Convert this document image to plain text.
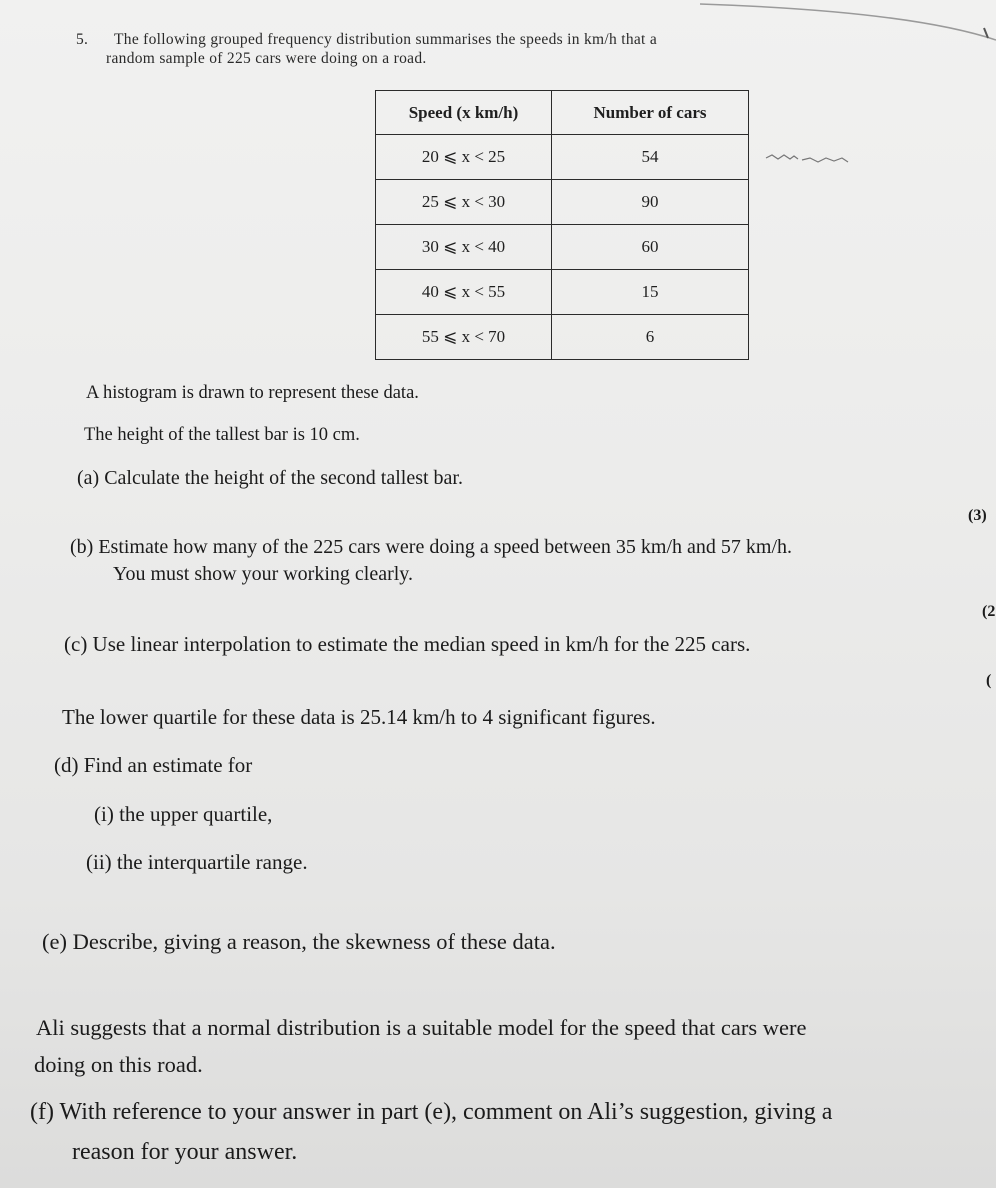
5. The following grouped frequency distribution summarises the speeds in km/h that a
random sample of 225 cars were doing on a road.
Speed (x km/h)	Number of cars
20 ⩽ x < 25	54
25 ⩽ x < 30	90
30 ⩽ x < 40	60
40 ⩽ x < 55	15
55 ⩽ x < 70	6
A histogram is drawn to represent these data.
The height of the tallest bar is 10 cm.
(a) Calculate the height of the second tallest bar.
(3)
(b) Estimate how many of the 225 cars were doing a speed between 35 km/h and 57 km/h.
You must show your working clearly.
(2
(c) Use linear interpolation to estimate the median speed in km/h for the 225 cars.
(
The lower quartile for these data is 25.14 km/h to 4 significant figures.
(d) Find an estimate for
(i) the upper quartile,
(ii) the interquartile range.
(e) Describe, giving a reason, the skewness of these data.
Ali suggests that a normal distribution is a suitable model for the speed that cars were
doing on this road.
(f) With reference to your answer in part (e), comment on Ali’s suggestion, giving a
reason for your answer.
